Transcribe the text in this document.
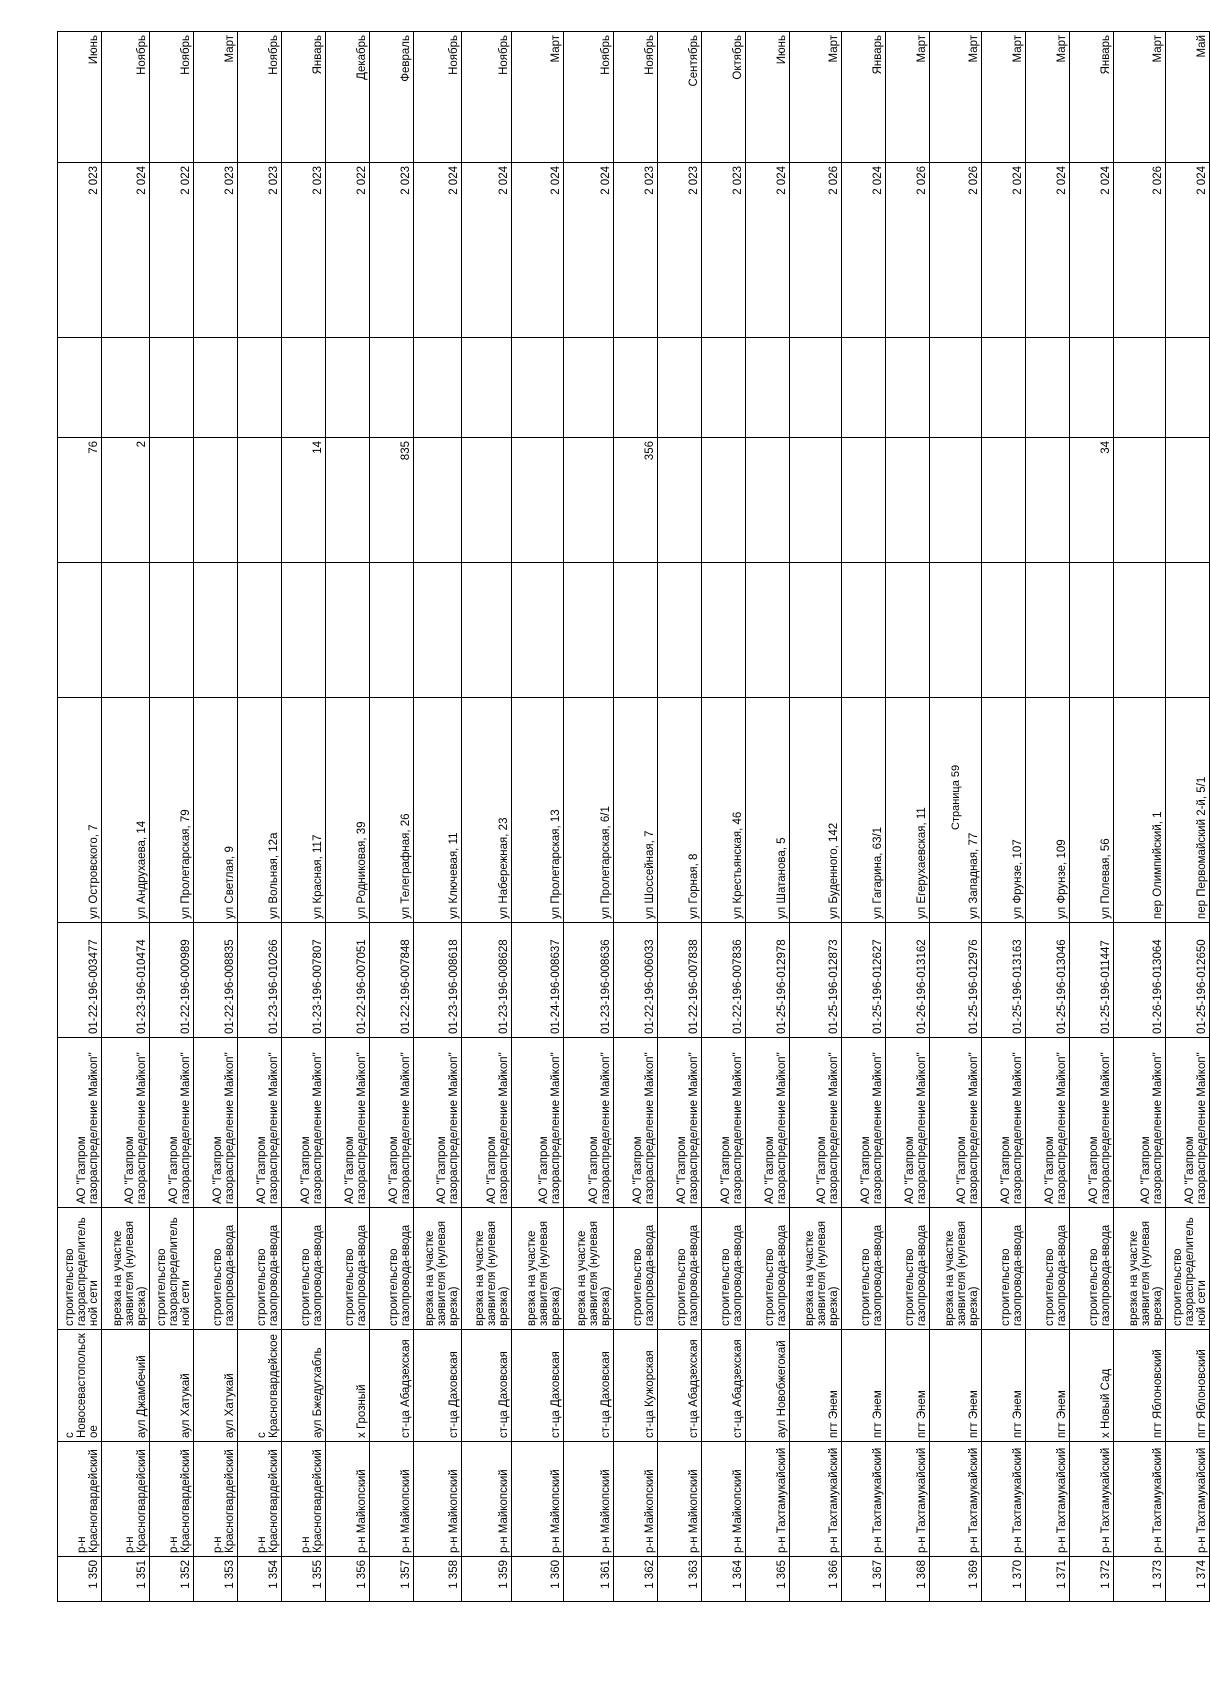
1 350	р-н Красногвардейский	с Новосевастопольское	строительство газораспределительной сети	АО "Газпром газораспределение Майкоп"	01-22-196-003477	ул Островского, 7		76		2 023	Июнь
1 351	р-н Красногвардейский	аул Джамбечий	врезка на участке заявителя (нулевая врезка)	АО "Газпром газораспределение Майкоп"	01-23-196-010474	ул Андрухаева, 14		2		2 024	Ноябрь
1 352	р-н Красногвардейский	аул Хатукай	строительство газораспределительной сети	АО "Газпром газораспределение Майкоп"	01-22-196-000989	ул Пролетарская, 79				2 022	Ноябрь
1 353	р-н Красногвардейский	аул Хатукай	строительство газопровода-ввода	АО "Газпром газораспределение Майкоп"	01-22-196-008835	ул Светлая, 9				2 023	Март
1 354	р-н Красногвардейский	с Красногвардейское	строительство газопровода-ввода	АО "Газпром газораспределение Майкоп"	01-23-196-010266	ул Вольная, 12а				2 023	Ноябрь
1 355	р-н Красногвардейский	аул Бжедугхабль	строительство газопровода-ввода	АО "Газпром газораспределение Майкоп"	01-23-196-007807	ул Красная, 117		14		2 023	Январь
1 356	р-н Майкопский	х Грозный	строительство газопровода-ввода	АО "Газпром газораспределение Майкоп"	01-22-196-007051	ул Родниковая, 39				2 022	Декабрь
1 357	р-н Майкопский	ст-ца Абадзехская	строительство газопровода-ввода	АО "Газпром газораспределение Майкоп"	01-22-196-007848	ул Телеграфная, 26		835		2 023	Февраль
1 358	р-н Майкопский	ст-ца Даховская	врезка на участке заявителя (нулевая врезка)	АО "Газпром газораспределение Майкоп"	01-23-196-008618	ул Ключевая, 11				2 024	Ноябрь
1 359	р-н Майкопский	ст-ца Даховская	врезка на участке заявителя (нулевая врезка)	АО "Газпром газораспределение Майкоп"	01-23-196-008628	ул Набережная, 23				2 024	Ноябрь
1 360	р-н Майкопский	ст-ца Даховская	врезка на участке заявителя (нулевая врезка)	АО "Газпром газораспределение Майкоп"	01-24-196-008637	ул Пролетарская, 13				2 024	Март
1 361	р-н Майкопский	ст-ца Даховская	врезка на участке заявителя (нулевая врезка)	АО "Газпром газораспределение Майкоп"	01-23-196-008636	ул Пролетарская, 6/1				2 024	Ноябрь
1 362	р-н Майкопский	ст-ца Кужорская	строительство газопровода-ввода	АО "Газпром газораспределение Майкоп"	01-22-196-006033	ул Шоссейная, 7		356		2 023	Ноябрь
1 363	р-н Майкопский	ст-ца Абадзехская	строительство газопровода-ввода	АО "Газпром газораспределение Майкоп"	01-22-196-007838	ул Горная, 8				2 023	Сентябрь
1 364	р-н Майкопский	ст-ца Абадзехская	строительство газопровода-ввода	АО "Газпром газораспределение Майкоп"	01-22-196-007836	ул Крестьянская, 46				2 023	Октябрь
1 365	р-н Тахтамукайский	аул Новобжегокай	строительство газопровода-ввода	АО "Газпром газораспределение Майкоп"	01-25-196-012978	ул Шатанова, 5				2 024	Июнь
1 366	р-н Тахтамукайский	пгт Энем	врезка на участке заявителя (нулевая врезка)	АО "Газпром газораспределение Майкоп"	01-25-196-012873	ул Буденного, 142				2 026	Март
1 367	р-н Тахтамукайский	пгт Энем	строительство газопровода-ввода	АО "Газпром газораспределение Майкоп"	01-25-196-012627	ул Гагарина, 63/1				2 024	Январь
1 368	р-н Тахтамукайский	пгт Энем	строительство газопровода-ввода	АО "Газпром газораспределение Майкоп"	01-26-196-013162	ул Егерухаевская, 11				2 026	Март
1 369	р-н Тахтамукайский	пгт Энем	врезка на участке заявителя (нулевая врезка)	АО "Газпром газораспределение Майкоп"	01-25-196-012976	ул Западная, 77				2 026	Март
1 370	р-н Тахтамукайский	пгт Энем	строительство газопровода-ввода	АО "Газпром газораспределение Майкоп"	01-25-196-013163	ул Фрунзе, 107				2 024	Март
1 371	р-н Тахтамукайский	пгт Энем	строительство газопровода-ввода	АО "Газпром газораспределение Майкоп"	01-25-196-013046	ул Фрунзе, 109				2 024	Март
1 372	р-н Тахтамукайский	х Новый Сад	строительство газопровода-ввода	АО "Газпром газораспределение Майкоп"	01-25-196-011447	ул Полевая, 56		34		2 024	Январь
1 373	р-н Тахтамукайский	пгт Яблоновский	врезка на участке заявителя (нулевая врезка)	АО "Газпром газораспределение Майкоп"	01-26-196-013064	пер Олимпийский, 1				2 026	Март
1 374	р-н Тахтамукайский	пгт Яблоновский	строительство газораспределительной сети	АО "Газпром газораспределение Майкоп"	01-25-196-012650	пер Первомайский 2-й, 5/1				2 024	Май
Страница 59
